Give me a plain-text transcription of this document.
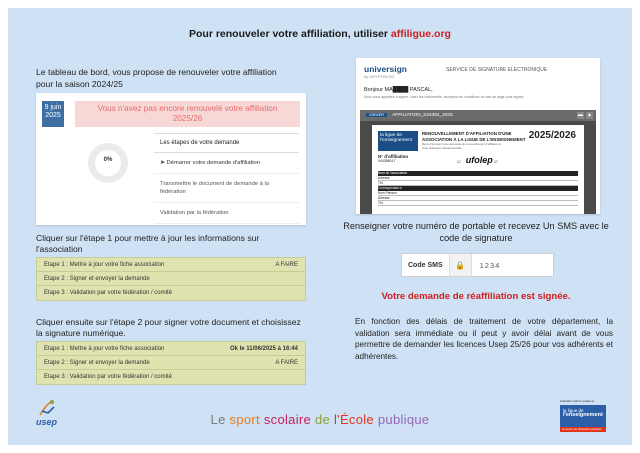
Pour renouveler votre affiliation, utiliser affiligue.org
Le tableau de bord, vous propose de renouveler votre affiliation pour la saison 2024/25
9 juin
2025
Vous n'avez pas encore renouvelé votre affiliation
2025/26
0%
Les étapes de votre demande
➤ Démarrer votre demande d'affiliation
Transmettre le document de demande à la fédération
Validation par la fédération
Cliquer sur l'étape 1 pour mettre à jour les informations sur l'association
Etape 1 : Mettre à jour votre fiche association	A FAIRE
Etape 2 : Signer et envoyer la demande
Etape 3 : Validation par votre fédération / comité
Cliquer ensuite sur l'étape 2 pour signer votre document et choisissez la signature numérique.
Etape 1 : Mettre à jour votre fiche association	Ok le 11/06/2025 à 16:44
Etape 2 : Signer et envoyer la demande	A FAIRE
Etape 3 : Validation par votre fédération / comité
universign
by CRYPTOLOG
SERVICE DE SIGNATURE ELECTRONIQUE
Bonjour MA████ PASCAL,
Vous vous apprêtez à signer. Lisez les documents, acceptez les conditions en bas de page puis signez.
VIEWER AFFILIATION_534384_2025	▬ ▲
la ligue de l'enseignement
RENOUVELLEMENT D'AFFILIATION D'UNE
ASSOCIATION À LA LIGUE DE L'ENSEIGNEMENT 2025/2026
Merci d'envoyer votre demande de renouvellement d'affiliation à votre fédération départementale
N° d'affiliation
044386017	☑ ufolep ☑
Nom de l'association
Adresse
Tél.
Correspondant.e
Nom Prénom
Adresse
Tél.
Renseigner votre numéro de portable et recevez Un SMS avec le code de signature
Code SMS	🔒	1234
Votre demande de réaffiliation est signée.
En fonction des délais de traitement de votre département, la validation sera immédiate ou il peut y avoir délai avant de vous permettre de demander les licences Usep 25/26 pour vos adhérents et adhérentes.
usep	Le sport scolaire de l'École publique
Fédération sportive scolaire de
la ligue de
l'enseignement
un avenir par l'éducation populaire
